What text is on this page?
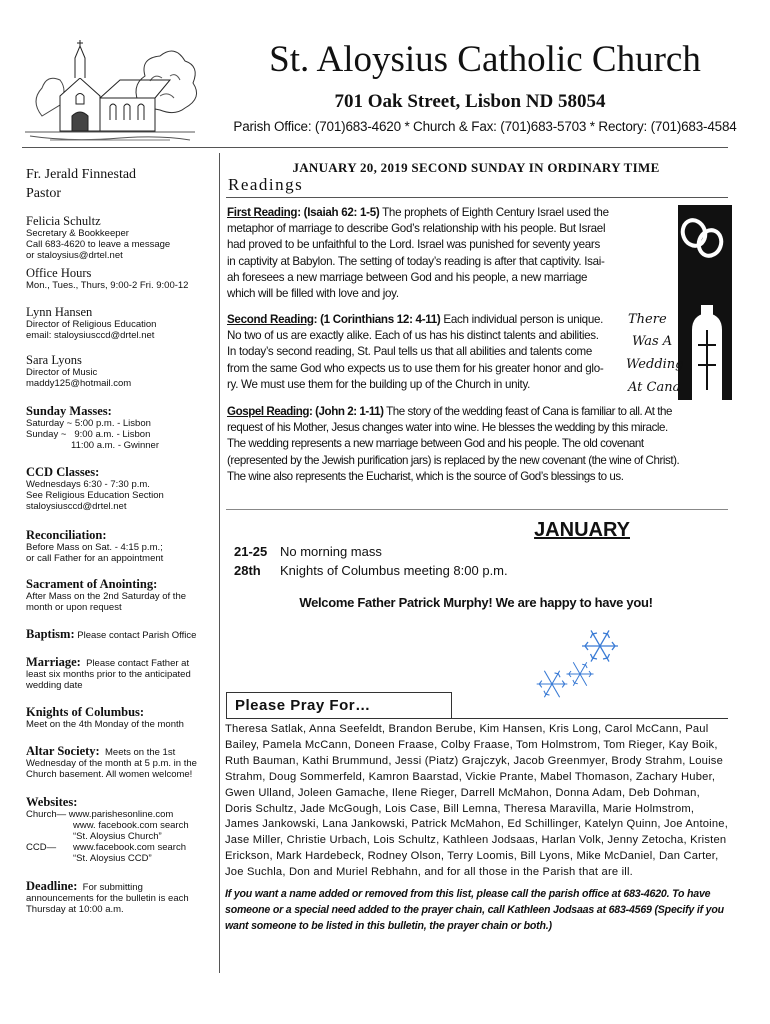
St. Aloysius Catholic Church
701 Oak Street, Lisbon ND 58054
Parish Office: (701)683-4620 * Church & Fax: (701)683-5703 * Rectory: (701)683-4584
Fr. Jerald Finnestad
Pastor
Felicia Schultz
Secretary & Bookkeeper
Call 683-4620 to leave a message
or staloysius@drtel.net
Office Hours
Mon., Tues., Thurs, 9:00-2 Fri. 9:00-12
Lynn Hansen
Director of Religious Education
email: staloysiusccd@drtel.net
Sara Lyons
Director of Music
maddy125@hotmail.com
Sunday Masses:
Saturday ~ 5:00 p.m. - Lisbon
Sunday ~   9:00 a.m. - Lisbon
11:00 a.m. - Gwinner
CCD Classes:
Wednesdays 6:30 - 7:30 p.m.
See Religious Education Section
staloysiusccd@drtel.net
Reconciliation:
Before Mass on Sat. - 4:15 p.m.;
or call Father for an appointment
Sacrament of Anointing:
After Mass on the 2nd Saturday of the
month or upon request
Baptism: Please contact Parish Office
Marriage: Please contact Father at
least six months prior to the anticipated
wedding date
Knights of Columbus:
Meet on the 4th Monday of the month
Altar Society: Meets on the 1st
Wednesday of the month at 5 p.m. in the
Church basement. All women welcome!
Websites:
Church— www.parishesonline.com
www. facebook.com search
“St. Aloysius Church”
CCD— www.facebook.com search
“St. Aloysius CCD”
Deadline: For submitting
announcements for the bulletin is each
Thursday at 10:00 a.m.
JANUARY 20, 2019 SECOND SUNDAY IN ORDINARY TIME
Readings
First Reading: (Isaiah 62: 1-5) The prophets of Eighth Century Israel used the
metaphor of marriage to describe God’s relationship with his people. But Israel
had proved to be unfaithful to the Lord. Israel was punished for seventy years
in captivity at Babylon. The setting of today’s reading is after that captivity. Isai-
ah foresees a new marriage between God and his people, a new marriage
which will be filled with love and joy.
Second Reading: (1 Corinthians 12: 4-11) Each individual person is unique.
No two of us are exactly alike. Each of us has his distinct talents and abilities.
In today’s second reading, St. Paul tells us that all abilities and talents come
from the same God who expects us to use them for his greater honor and glo-
ry. We must use them for the building up of the Church in unity.
Gospel Reading: (John 2: 1-11) The story of the wedding feast of Cana is familiar to all. At the
request of his Mother, Jesus changes water into wine. He blesses the wedding by this miracle.
The wedding represents a new marriage between God and his people. The old covenant
(represented by the Jewish purification jars) is replaced by the new covenant (the wine of Christ).
The wine also represents the Eucharist, which is the source of God’s blessings to us.
There
Was A
Wedding
At Cana
JANUARY
21-25 No morning mass
28th Knights of Columbus meeting 8:00 p.m.
Welcome Father Patrick Murphy! We are happy to have you!
Please Pray For…
Theresa Satlak, Anna Seefeldt, Brandon Berube, Kim Hansen, Kris Long, Carol McCann, Paul Bailey, Pamela McCann, Doneen Fraase, Colby Fraase, Tom Holmstrom, Tom Rieger, Kay Boik, Ruth Bauman, Kathi Brummund, Jessi (Piatz) Grajczyk, Jacob Greenmyer, Brody Strahm, Louise Strahm, Doug Sommerfeld, Kamron Baarstad, Vickie Prante, Mabel Thomason, Zachary Huber, Gwen Ulland, Joleen Gamache, Ilene Rieger, Darrell McMahon, Donna Adam, Deb Dohman, Doris Schultz, Jade McGough, Lois Case, Bill Lemna, Theresa Maravilla, Marie Holmstrom, James Jankowski, Lana Jankowski, Patrick McMahon, Ed Schillinger, Katelyn Quinn, Joe Antoine, Jase Miller, Christie Urbach, Lois Schultz, Kathleen Jodsaas, Harlan Volk, Jenny Zetocha, Kristen Erickson, Mark Hardebeck, Rodney Olson, Terry Loomis, Bill Lyons, Mike McDaniel, Dan Carter, Joe Suchla, Don and Muriel Rebhahn, and for all those in the Parish that are ill.
If you want a name added or removed from this list, please call the parish office at 683-4620. To have someone or a special need added to the prayer chain, call Kathleen Jodsaas at 683-4569 (Specify if you want someone to be listed in this bulletin, the prayer chain or both.)
